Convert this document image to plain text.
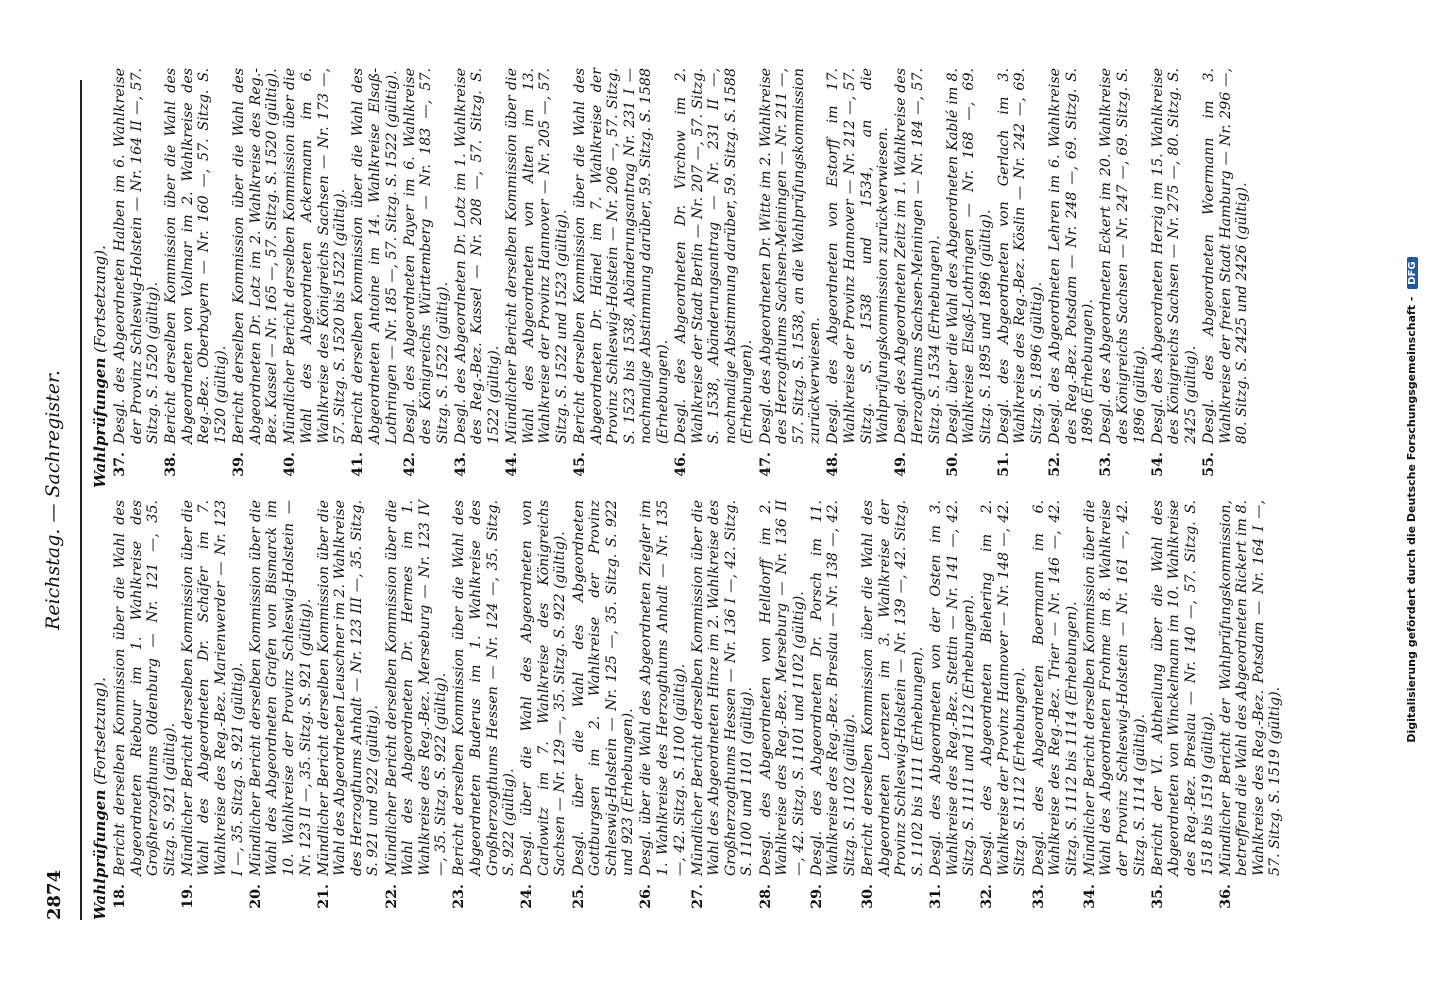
2874
Reichstag. — Sachregister.
Wahlprüfungen (Fortsetzung).
18.
Bericht derselben Kommission über die Wahl des Abgeordneten Riebour im 1. Wahlkreise des Großherzogthums Oldenburg — Nr. 121 —, 35. Sitzg. S. 921 (gültig).
19.
Mündlicher Bericht derselben Kommission über die Wahl des Abgeordneten Dr. Schäfer im 7. Wahlkreise des Reg.-Bez. Marienwerder — Nr. 123 I —, 35. Sitzg. S. 921 (gültig).
20.
Mündlicher Bericht derselben Kommission über die Wahl des Abgeordneten Grafen von Bismarck im 10. Wahlkreise der Provinz Schleswig-Holstein — Nr. 123 II —, 35. Sitzg. S. 921 (gültig).
21.
Mündlicher Bericht derselben Kommission über die Wahl des Abgeordneten Leuschner im 2. Wahlkreise des Herzogthums Anhalt — Nr. 123 III —, 35. Sitzg. S. 921 und 922 (gültig).
22.
Mündlicher Bericht derselben Kommission über die Wahl des Abgeordneten Dr. Hermes im 1. Wahlkreise des Reg.-Bez. Merseburg — Nr. 123 IV —, 35. Sitzg. S. 922 (gültig).
23.
Bericht derselben Kommission über die Wahl des Abgeordneten Buderus im 1. Wahlkreise des Großherzogthums Hessen — Nr. 124 —, 35. Sitzg. S. 922 (gültig).
24.
Desgl. über die Wahl des Abgeordneten von Carlowitz im 7. Wahlkreise des Königreichs Sachsen — Nr. 129 —, 35. Sitzg. S. 922 (gültig).
25.
Desgl. über die Wahl des Abgeordneten Gottburgsen im 2. Wahlkreise der Provinz Schleswig-Holstein — Nr. 125 —, 35. Sitzg. S. 922 und 923 (Erhebungen).
26.
Desgl. über die Wahl des Abgeordneten Ziegler im 1. Wahlkreise des Herzogthums Anhalt — Nr. 135 —, 42. Sitzg. S. 1100 (gültig).
27.
Mündlicher Bericht derselben Kommission über die Wahl des Abgeordneten Hinze im 2. Wahlkreise des Großherzogthums Hessen — Nr. 136 I —, 42. Sitzg. S. 1100 und 1101 (gültig).
28.
Desgl. des Abgeordneten von Helldorff im 2. Wahlkreise des Reg.-Bez. Merseburg — Nr. 136 II —, 42. Sitzg. S. 1101 und 1102 (gültig).
29.
Desgl. des Abgeordneten Dr. Porsch im 11. Wahlkreise des Reg.-Bez. Breslau — Nr. 138 —, 42. Sitzg. S. 1102 (gültig).
30.
Bericht derselben Kommission über die Wahl des Abgeordneten Lorenzen im 3. Wahlkreise der Provinz Schleswig-Holstein — Nr. 139 —, 42. Sitzg. S. 1102 bis 1111 (Erhebungen).
31.
Desgl. des Abgeordneten von der Osten im 3. Wahlkreise des Reg.-Bez. Stettin — Nr. 141 —, 42. Sitzg. S. 1111 und 1112 (Erhebungen).
32.
Desgl. des Abgeordneten Biehering im 2. Wahlkreise der Provinz Hannover — Nr. 148 —, 42. Sitzg. S. 1112 (Erhebungen).
33.
Desgl. des Abgeordneten Boermann im 6. Wahlkreise des Reg.-Bez. Trier — Nr. 146 —, 42. Sitzg. S. 1112 bis 1114 (Erhebungen).
34.
Mündlicher Bericht derselben Kommission über die Wahl des Abgeordneten Frohme im 8. Wahlkreise der Provinz Schleswig-Holstein — Nr. 161 —, 42. Sitzg. S. 1114 (gültig).
35.
Bericht der VI. Abtheilung über die Wahl des Abgeordneten von Winckelmann im 10. Wahlkreise des Reg.-Bez. Breslau — Nr. 140 —, 57. Sitzg. S. 1518 bis 1519 (gültig).
36.
Mündlicher Bericht der Wahlprüfungskommission, betreffend die Wahl des Abgeordneten Rickert im 8. Wahlkreise des Reg.-Bez. Potsdam — Nr. 164 I —, 57. Sitzg. S. 1519 (gültig).
Wahlprüfungen (Fortsetzung).
37.
Desgl. des Abgeordneten Halben im 6. Wahlkreise der Provinz Schleswig-Holstein — Nr. 164 II —, 57. Sitzg. S. 1520 (gültig).
38.
Bericht derselben Kommission über die Wahl des Abgeordneten von Vollmar im 2. Wahlkreise des Reg.-Bez. Oberbayern — Nr. 160 —, 57. Sitzg. S. 1520 (gültig).
39.
Bericht derselben Kommission über die Wahl des Abgeordneten Dr. Lotz im 2. Wahlkreise des Reg.-Bez. Kassel — Nr. 165 —, 57. Sitzg. S. 1520 (gültig).
40.
Mündlicher Bericht derselben Kommission über die Wahl des Abgeordneten Ackermann im 6. Wahlkreise des Königreichs Sachsen — Nr. 173 —, 57. Sitzg. S. 1520 bis 1522 (gültig).
41.
Bericht derselben Kommission über die Wahl des Abgeordneten Antoine im 14. Wahlkreise Elsaß-Lothringen — Nr. 185 —, 57. Sitzg. S. 1522 (gültig).
42.
Desgl. des Abgeordneten Payer im 6. Wahlkreise des Königreichs Württemberg — Nr. 183 —, 57. Sitzg. S. 1522 (gültig).
43.
Desgl. des Abgeordneten Dr. Lotz im 1. Wahlkreise des Reg.-Bez. Kassel — Nr. 208 —, 57. Sitzg. S. 1522 (gültig).
44.
Mündlicher Bericht derselben Kommission über die Wahl des Abgeordneten von Alten im 13. Wahlkreise der Provinz Hannover — Nr. 205 —, 57. Sitzg. S. 1522 und 1523 (gültig).
45.
Bericht derselben Kommission über die Wahl des Abgeordneten Dr. Hänel im 7. Wahlkreise der Provinz Schleswig-Holstein — Nr. 206 —, 57. Sitzg. S. 1523 bis 1538, Abänderungsantrag Nr. 231 I — nochmalige Abstimmung darüber, 59. Sitzg. S. 1588 (Erhebungen).
46.
Desgl. des Abgeordneten Dr. Virchow im 2. Wahlkreise der Stadt Berlin — Nr. 207 —, 57. Sitzg. S. 1538, Abänderungsantrag — Nr. 231 II —, nochmalige Abstimmung darüber, 59. Sitzg. S. 1588 (Erhebungen).
47.
Desgl. des Abgeordneten Dr. Witte im 2. Wahlkreise des Herzogthums Sachsen-Meiningen — Nr. 211 —, 57. Sitzg. S. 1538, an die Wahlprüfungskommission zurückverwiesen.
48.
Desgl. des Abgeordneten von Estorff im 17. Wahlkreise der Provinz Hannover — Nr. 212 —, 57. Sitzg. S. 1538 und 1534, an die Wahlprüfungskommission zurückverwiesen.
49.
Desgl. des Abgeordneten Zeitz im 1. Wahlkreise des Herzogthums Sachsen-Meiningen — Nr. 184 —, 57. Sitzg. S. 1534 (Erhebungen).
50.
Desgl. über die Wahl des Abgeordneten Kablé im 8. Wahlkreise Elsaß-Lothringen — Nr. 168 —, 69. Sitzg. S. 1895 und 1896 (gültig).
51.
Desgl. des Abgeordneten von Gerlach im 3. Wahlkreise des Reg.-Bez. Köslin — Nr. 242 —, 69. Sitzg. S. 1896 (gültig).
52.
Desgl. des Abgeordneten Lehren im 6. Wahlkreise des Reg.-Bez. Potsdam — Nr. 248 —, 69. Sitzg. S. 1896 (Erhebungen).
53.
Desgl. des Abgeordneten Eckert im 20. Wahlkreise des Königreichs Sachsen — Nr. 247 —, 69. Sitzg. S. 1896 (gültig).
54.
Desgl. des Abgeordneten Herzig im 15. Wahlkreise des Königreichs Sachsen — Nr. 275 —, 80. Sitzg. S. 2425 (gültig).
55.
Desgl. des Abgeordneten Woermann im 3. Wahlkreise der freien Stadt Hamburg — Nr. 296 —, 80. Sitzg. S. 2425 und 2426 (gültig).	Digitalisierung gefördert durch die Deutsche Forschungsgemeinschaft - DFG
